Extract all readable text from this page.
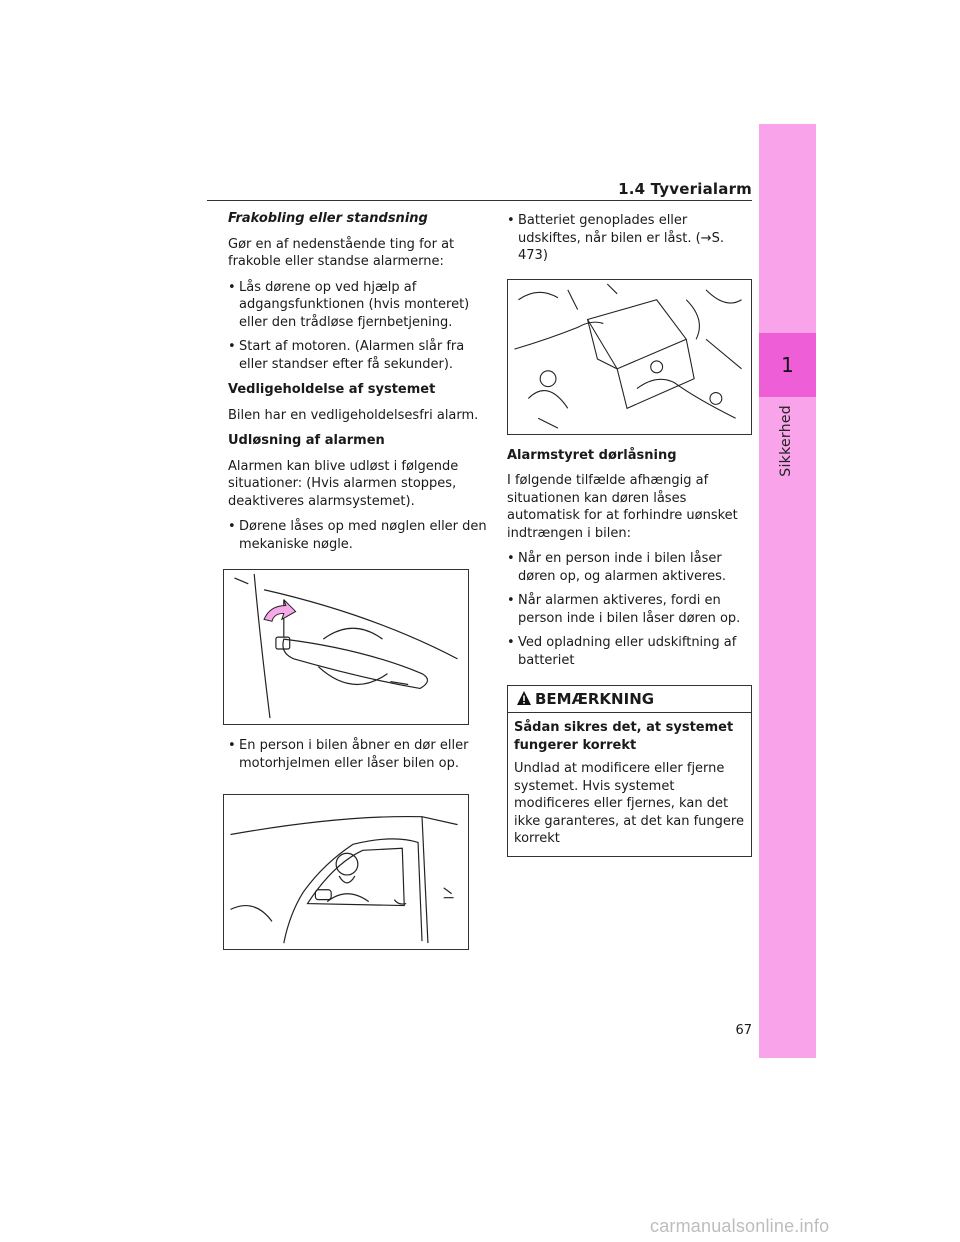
1
Sikkerhed
1.4 Tyverialarm
Frakobling eller standsning

Gør en af nedenstående ting for at frakoble eller standse alarmerne:

• Lås dørene op ved hjælp af adgangsfunktionen (hvis monteret) eller den trådløse fjernbetjening.
• Start af motoren. (Alarmen slår fra eller standser efter få sekunder).
Vedligeholdelse af systemet

Bilen har en vedligeholdelsesfri alarm.

Udløsning af alarmen

Alarmen kan blive udløst i følgende situationer: (Hvis alarmen stoppes, deaktiveres alarmsystemet).

• Dørene låses op med nøglen eller den mekaniske nøgle.
• En person i bilen åbner en dør eller motorhjelmen eller låser bilen op.
• Batteriet genoplades eller udskiftes, når bilen er låst. (→S. 473)
Alarmstyret dørlåsning

I følgende tilfælde afhængig af situationen kan døren låses automatisk for at forhindre uønsket indtrængen i bilen:

• Når en person inde i bilen låser døren op, og alarmen aktiveres.
• Når alarmen aktiveres, fordi en person inde i bilen låser døren op.
• Ved opladning eller udskiftning af batteriet
BEMÆRKNING
Sådan sikres det, at systemet fungerer korrekt

Undlad at modificere eller fjerne systemet. Hvis systemet modificeres eller fjernes, kan det ikke garanteres, at det kan fungere korrekt

67
carmanualsonline.info
